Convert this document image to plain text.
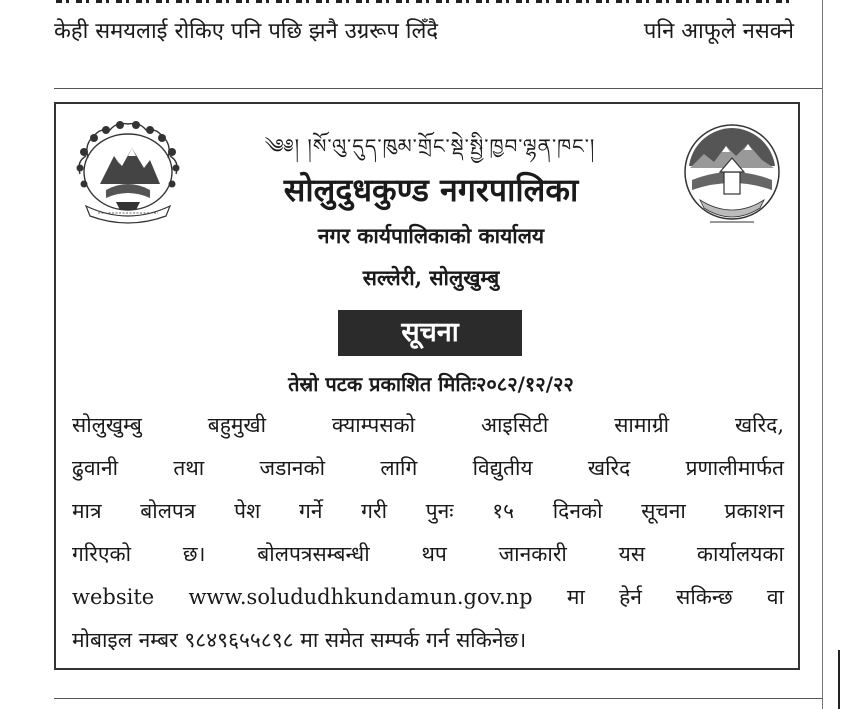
केही समयलाई रोकिए पनि पछि झनै उग्ररूप लिँदै	पनि आफूले नसक्ने
༄༅། །སོ་ལུ་དུད་ཁུམ་གྲོང་སྡེ་སྤྱི་ཁྱབ་ལྷན་ཁང་།
सोलुदुधकुण्ड नगरपालिका
नगर कार्यपालिकाको कार्यालय
सल्लेरी, सोलुखुम्बु
सूचना
तेस्रो पटक प्रकाशित मितिः२०८२/१२/२२
सोलुखुम्बु बहुमुखी क्याम्पसको आइसिटी सामाग्री खरिद,
ढुवानी तथा जडानको लागि विद्युतीय खरिद प्रणालीमार्फत
मात्र बोलपत्र पेश गर्ने गरी पुनः १५ दिनको सूचना प्रकाशन
गरिएको छ। बोलपत्रसम्बन्धी थप जानकारी यस कार्यालयका
website www.solududhkundamun.gov.np मा हेर्न सकिन्छ वा
मोबाइल नम्बर ९८४९६५५८९८ मा समेत सम्पर्क गर्न सकिनेछ।
